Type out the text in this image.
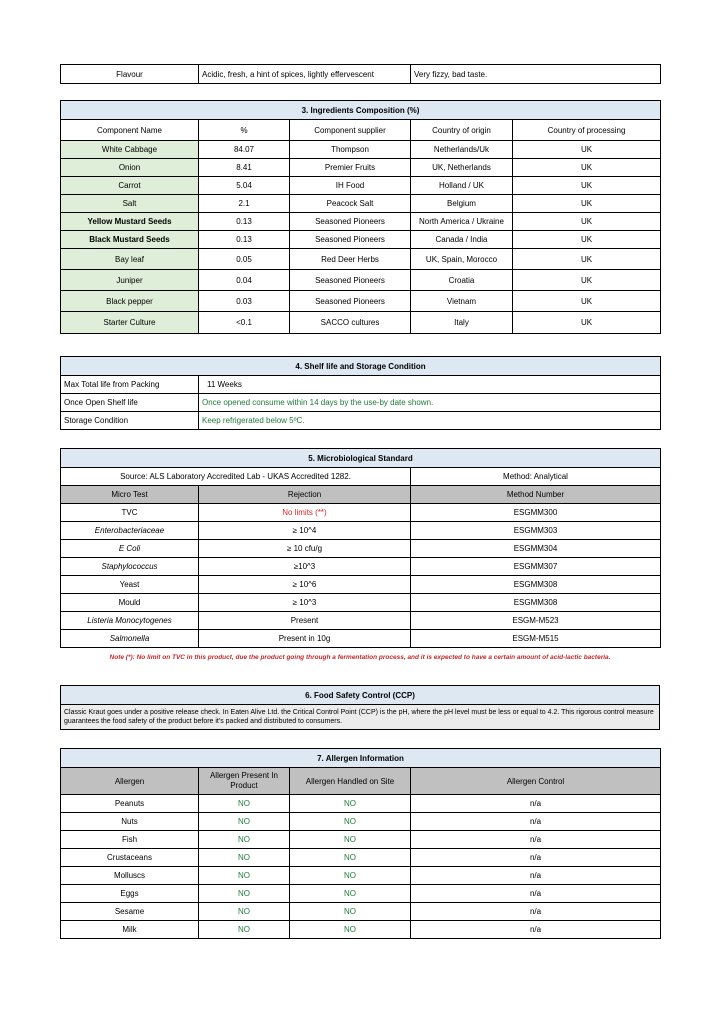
Flavour	Acidic, fresh, a hint of spices, lightly effervescent	Very fizzy, bad taste.
3. Ingredients Composition (%)				
Component Name	%	Component supplier	Country of origin	Country of processing
White Cabbage	84.07	Thompson	Netherlands/Uk	UK
Onion	8.41	Premier Fruits	UK, Netherlands	UK
Carrot	5.04	IH Food	Holland / UK	UK
Salt	2.1	Peacock Salt	Belgium	UK
Yellow Mustard Seeds	0.13	Seasoned Pioneers	North America / Ukraine	UK
Black Mustard Seeds	0.13	Seasoned Pioneers	Canada / India	UK
Bay leaf	0.05	Red Deer Herbs	UK, Spain, Morocco	UK
Juniper	0.04	Seasoned Pioneers	Croatia	UK
Black pepper	0.03	Seasoned Pioneers	Vietnam	UK
Starter Culture	<0.1	SACCO cultures	Italy	UK
4. Shelf life and Storage Condition	
Max Total life from Packing	11 Weeks
Once Open Shelf life	Once opened consume within 14 days by the use-by date shown.
Storage Condition	Keep refrigerated below 5ºC.
5. Microbiological Standard		
Source: ALS Laboratory Accredited Lab - UKAS Accredited 1282.		Method: Analytical
Micro Test	Rejection	Method Number
TVC	No limits (**)	ESGMM300
Enterobacteriaceae	≥ 10^4	ESGMM303
E Coli	≥ 10 cfu/g	ESGMM304
Staphylococcus	≥10^3	ESGMM307
Yeast	≥ 10^6	ESGMM308
Mould	≥ 10^3	ESGMM308
Listeria Monocytogenes	Present	ESGM-M523
Salmonella	Present in 10g	ESGM-M515
Note (*): No limit on TVC in this product, due the product going through a fermentation process, and it is expected to have a certain amount of acid-lactic bacteria.
6. Food Safety Control (CCP)
Classic Kraut goes under a positive release check. In Eaten Alive Ltd. the Critical Control Point (CCP) is the pH, where the pH level must be less or equal to 4.2. This rigorous control measure guarantees the food safety of the product before it's packed and distributed to consumers.
7. Allergen Information			
Allergen	Allergen Present In Product	Allergen Handled on Site	Allergen Control
Peanuts	NO	NO	n/a
Nuts	NO	NO	n/a
Fish	NO	NO	n/a
Crustaceans	NO	NO	n/a
Molluscs	NO	NO	n/a
Eggs	NO	NO	n/a
Sesame	NO	NO	n/a
Milk	NO	NO	n/a
